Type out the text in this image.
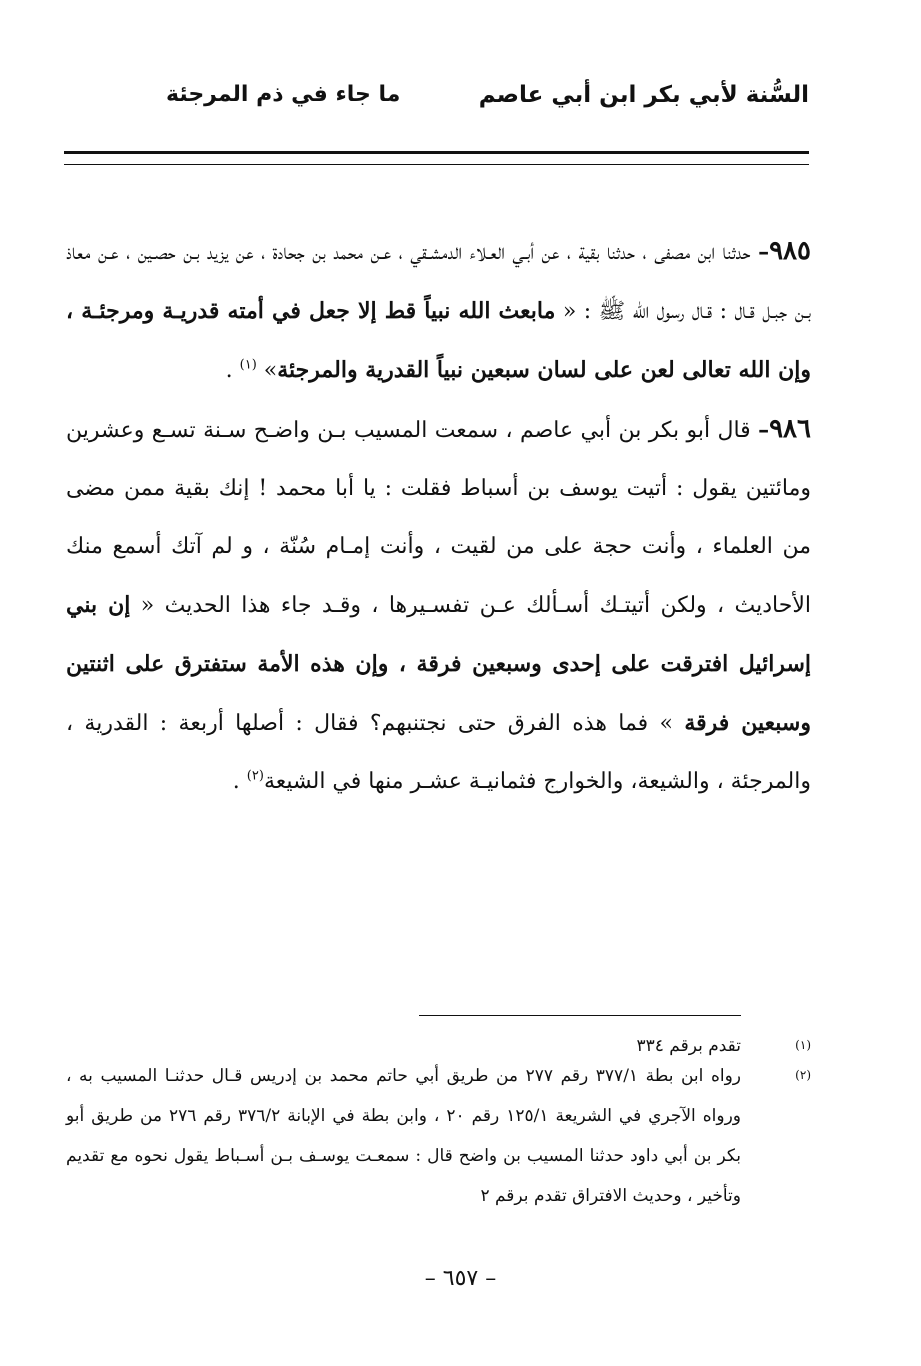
السُّنة لأبي بكر ابن أبي عاصم
ما جاء في ذم المرجئة

٩٨٥– حدثنا ابن مصفى ، حدثنا بقية ، عن أبـي العـلاء الدمشـقي ، عـن محمد بن جحادة ، عن يزيد بـن حصـين ، عـن معاذ بـن جبـل قـال : قـال رسول الله ﷺ : « مابعث الله نبياً قط إلا جعل في أمته قدريـة ومرجئـة ، وإن الله تعالى لعن على لسان سبعين نبياً القدرية والمرجئة» $^{(١)}$ .

٩٨٦– قال أبو بكر بن أبي عاصم ، سمعت المسيب بـن واضـح سـنة تسـع وعشرين ومائتين يقول : أتيت يوسف بن أسباط فقلت : يا أبا محمد ! إنك بقية ممن مضى من العلماء ، وأنت حجة على من لقيت ، وأنت إمـام سُنّة ، و لم آتك أسمع منك الأحاديث ، ولكن أتيتـك أسـألك عـن تفسـيرها ، وقـد جاء هذا الحديث « إن بني إسرائيل افترقت على إحدى وسبعين فرقة ، وإن هذه الأمة ستفترق على اثنتين وسبعين فرقة » فما هذه الفرق حتى نجتنبهم؟ فقال : أصلها أربعة : القدرية ، والمرجئة ، والشيعة، والخوارج فثمانيـة عشـر منها في الشيعة$^{(٢)}$ .

(١)
تقدم برقم ٣٣٤
(٢)
رواه ابن بطة ٣٧٧/١ رقم ٢٧٧ من طريق أبي حاتم محمد بن إدريس قـال حدثنـا المسيب به ، ورواه الآجري في الشريعة ١٢٥/١ رقم ٢٠ ، وابن بطة في الإبانة ٣٧٦/٢ رقم ٢٧٦ من طريق أبو بكر بن أبي داود حدثنا المسيب بن واضح قال : سمعـت يوسـف بـن أسـباط يقول نحوه مع تقديم وتأخير ، وحديث الافتراق تقدم برقم ٢
– ٦٥٧ –
